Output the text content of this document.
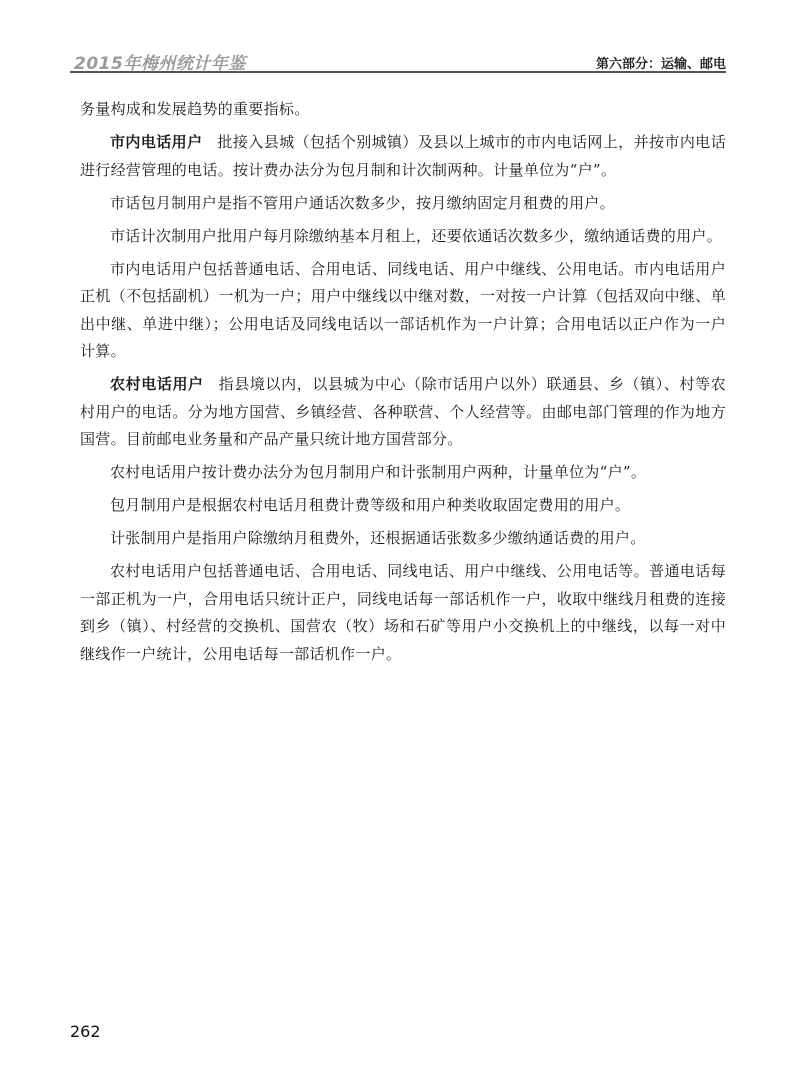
2015年梅州统计年鉴	第六部分：运输、邮电

务量构成和发展趋势的重要指标。

市内电话用户 批接入县城（包括个别城镇）及县以上城市的市内电话网上，并按市内电话进行经营管理的电话。按计费办法分为包月制和计次制两种。计量单位为“户”。

市话包月制用户是指不管用户通话次数多少，按月缴纳固定月租费的用户。

市话计次制用户批用户每月除缴纳基本月租上，还要依通话次数多少，缴纳通话费的用户。

市内电话用户包括普通电话、合用电话、同线电话、用户中继线、公用电话。市内电话用户正机（不包括副机）一机为一户；用户中继线以中继对数，一对按一户计算（包括双向中继、单出中继、单进中继）；公用电话及同线电话以一部话机作为一户计算；合用电话以正户作为一户计算。

农村电话用户 指县境以内，以县城为中心（除市话用户以外）联通县、乡（镇）、村等农村用户的电话。分为地方国营、乡镇经营、各种联营、个人经营等。由邮电部门管理的作为地方国营。目前邮电业务量和产品产量只统计地方国营部分。

农村电话用户按计费办法分为包月制用户和计张制用户两种，计量单位为“户”。

包月制用户是根据农村电话月租费计费等级和用户种类收取固定费用的用户。

计张制用户是指用户除缴纳月租费外，还根据通话张数多少缴纳通话费的用户。

农村电话用户包括普通电话、合用电话、同线电话、用户中继线、公用电话等。普通电话每一部正机为一户，合用电话只统计正户，同线电话每一部话机作一户，收取中继线月租费的连接到乡（镇）、村经营的交换机、国营农（牧）场和石矿等用户小交换机上的中继线，以每一对中继线作一户统计，公用电话每一部话机作一户。

262
